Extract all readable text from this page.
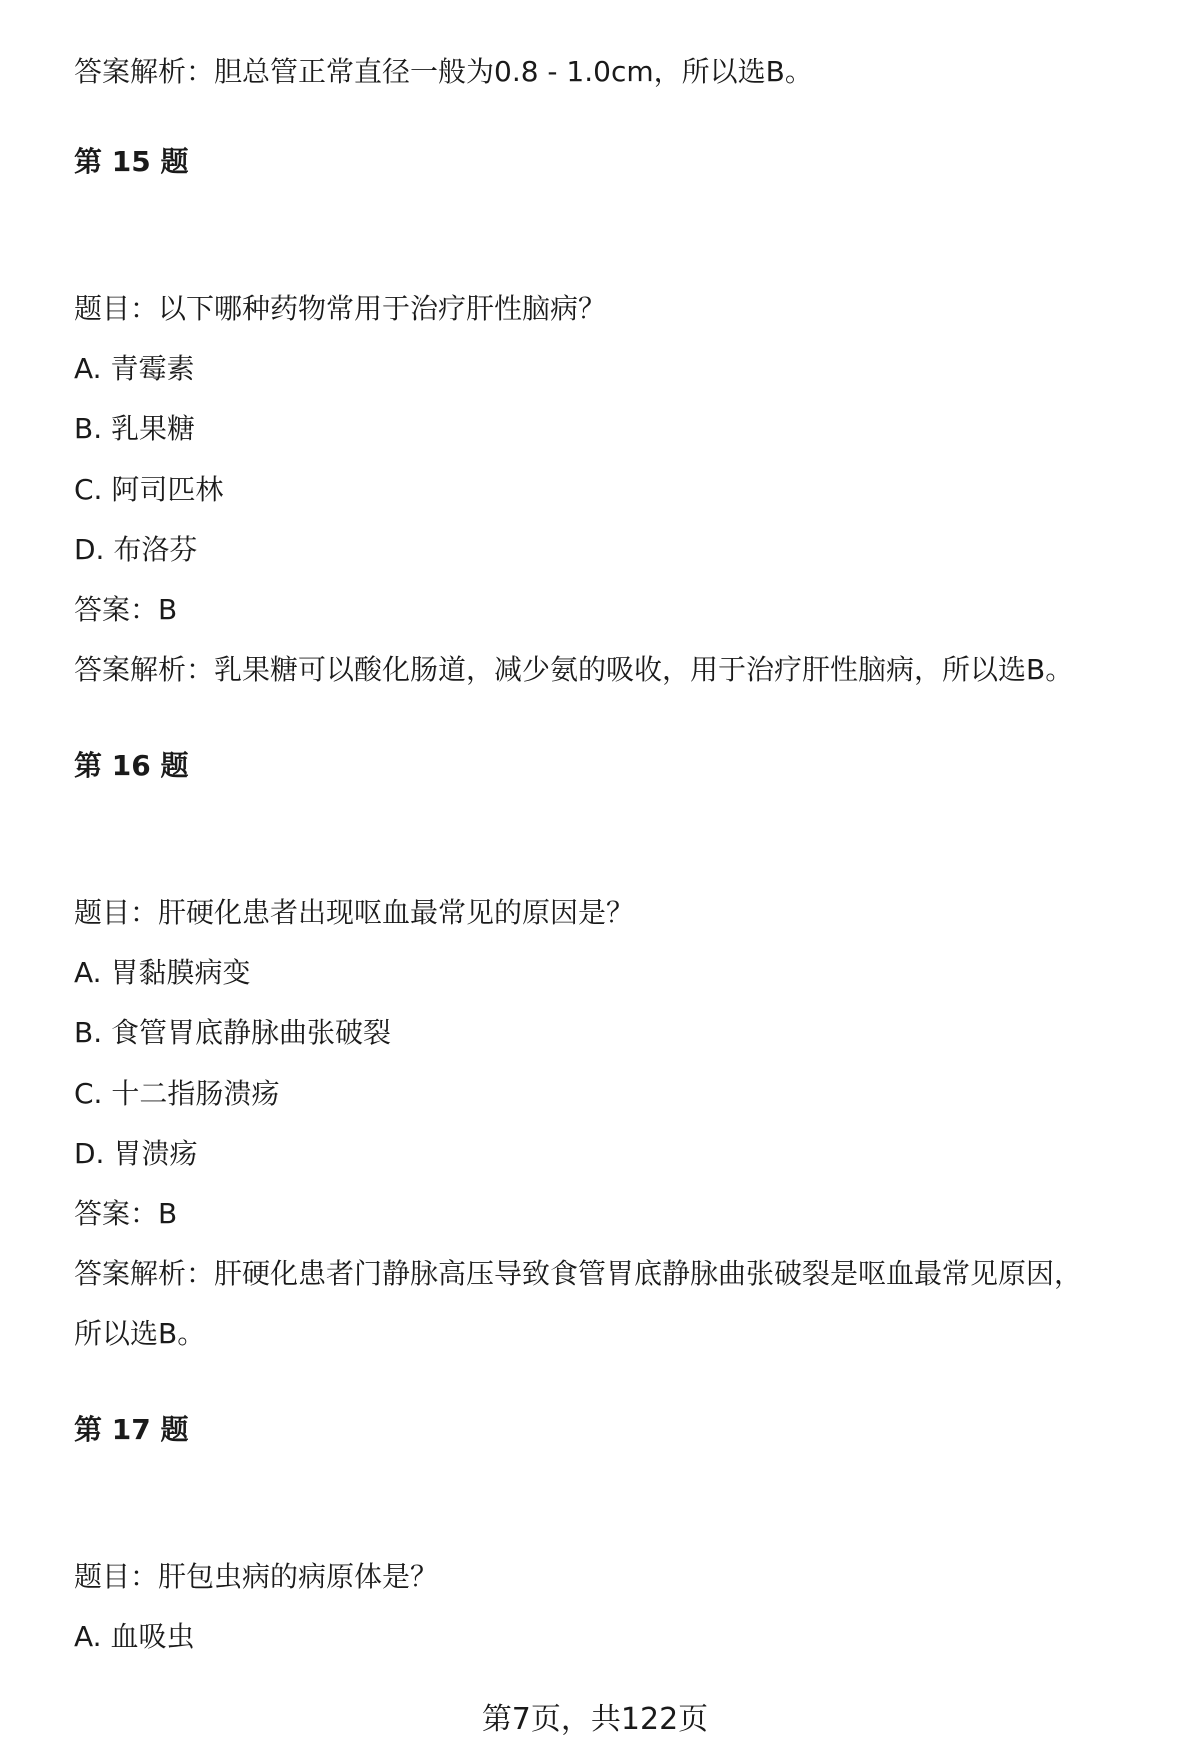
答案解析：胆总管正常直径一般为0.8 - 1.0cm，所以选B。
第 15 题
题目：以下哪种药物常用于治疗肝性脑病？
A. 青霉素
B. 乳果糖
C. 阿司匹林
D. 布洛芬
答案：B
答案解析：乳果糖可以酸化肠道，减少氨的吸收，用于治疗肝性脑病，所以选B。
第 16 题
题目：肝硬化患者出现呕血最常见的原因是？
A. 胃黏膜病变
B. 食管胃底静脉曲张破裂
C. 十二指肠溃疡
D. 胃溃疡
答案：B
答案解析：肝硬化患者门静脉高压导致食管胃底静脉曲张破裂是呕血最常见原因，
所以选B。
第 17 题
题目：肝包虫病的病原体是？
A. 血吸虫
第7页，共122页
